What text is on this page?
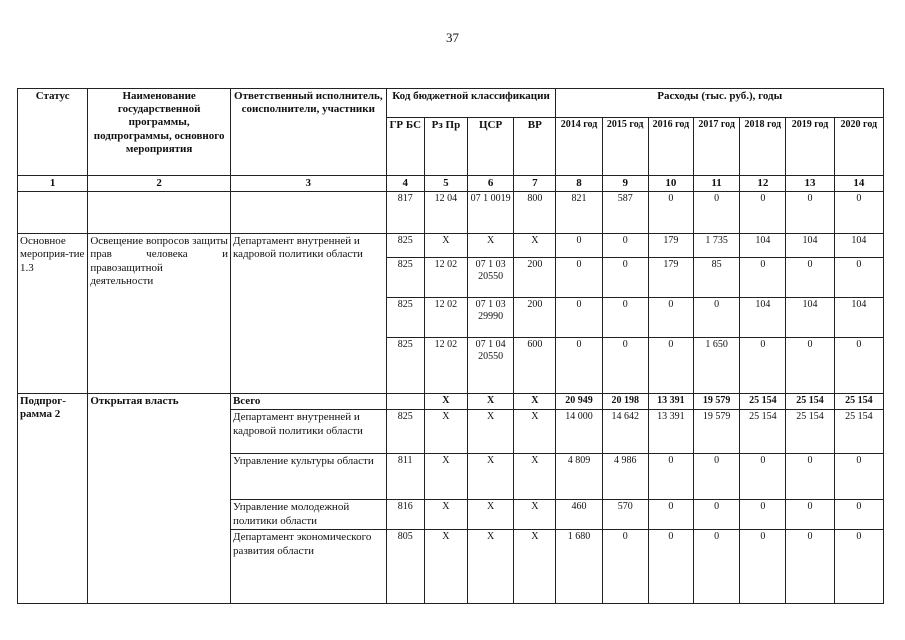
37
Статус	Наименование государственной программы, подпрограммы, основного мероприятия	Ответственный исполнитель, соисполнители, участники	Код бюджетной классификации				Расходы (тыс. руб.), годы						
			ГР БС	Рз Пр	ЦСР	ВР	2014 год	2015 год	2016 год	2017 год	2018 год	2019 год	2020 год
1	2	3	4	5	6	7	8	9	10	11	12	13	14
			817	12 04	07 1 0019	800	821	587	0	0	0	0	0
Основное мероприя-тие 1.3	Освещение вопросов защиты прав человека и правозащитной деятельности	Департамент внутренней и кадровой политики области	825	Х	Х	Х	0	0	179	1 735	104	104	104
			825	12 02	07 1 03 20550	200	0	0	179	85	0	0	0
			825	12 02	07 1 03 29990	200	0	0	0	0	104	104	104
			825	12 02	07 1 04 20550	600	0	0	0	1 650	0	0	0
Подпрог-рамма 2	Открытая власть	Всего		Х	Х	Х	20 949	20 198	13 391	19 579	25 154	25 154	25 154
		Департамент внутренней и кадровой политики области	825	Х	Х	Х	14 000	14 642	13 391	19 579	25 154	25 154	25 154
		Управление культуры области	811	Х	Х	Х	4 809	4 986	0	0	0	0	0
		Управление молодежной политики области	816	Х	Х	Х	460	570	0	0	0	0	0
		Департамент экономического развития области	805	Х	Х	Х	1 680	0	0	0	0	0	0
